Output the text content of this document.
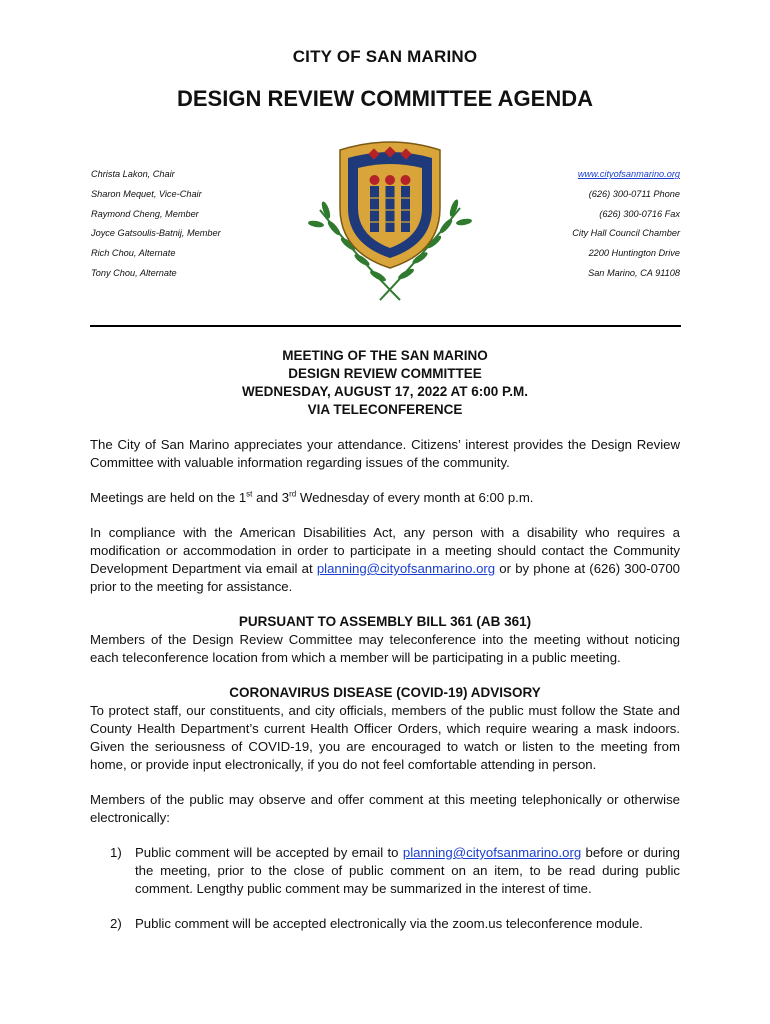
CITY OF SAN MARINO
DESIGN REVIEW COMMITTEE AGENDA
Christa Lakon, Chair
Sharon Mequet, Vice-Chair
Raymond Cheng, Member
Joyce Gatsoulis-Batnij, Member
Rich Chou, Alternate
Tony Chou, Alternate
www.cityofsanmarino.org
(626) 300-0711 Phone
(626) 300-0716 Fax
City Hall Council Chamber
2200 Huntington Drive
San Marino, CA 91108
MEETING OF THE SAN MARINO
DESIGN REVIEW COMMITTEE
WEDNESDAY, AUGUST 17, 2022 AT 6:00 P.M.
VIA TELECONFERENCE

The City of San Marino appreciates your attendance. Citizens’ interest provides the Design Review Committee with valuable information regarding issues of the community.

Meetings are held on the 1st and 3rd Wednesday of every month at 6:00 p.m.

In compliance with the American Disabilities Act, any person with a disability who requires a modification or accommodation in order to participate in a meeting should contact the Community Development Department via email at planning@cityofsanmarino.org or by phone at (626) 300-0700 prior to the meeting for assistance.

PURSUANT TO ASSEMBLY BILL 361 (AB 361)

Members of the Design Review Committee may teleconference into the meeting without noticing each teleconference location from which a member will be participating in a public meeting.

CORONAVIRUS DISEASE (COVID-19) ADVISORY

To protect staff, our constituents, and city officials, members of the public must follow the State and County Health Department’s current Health Officer Orders, which require wearing a mask indoors. Given the seriousness of COVID-19, you are encouraged to watch or listen to the meeting from home, or provide input electronically, if you do not feel comfortable attending in person.

Members of the public may observe and offer comment at this meeting telephonically or otherwise electronically:

1) Public comment will be accepted by email to planning@cityofsanmarino.org before or during the meeting, prior to the close of public comment on an item, to be read during public comment. Lengthy public comment may be summarized in the interest of time.
2) Public comment will be accepted electronically via the zoom.us teleconference module.
